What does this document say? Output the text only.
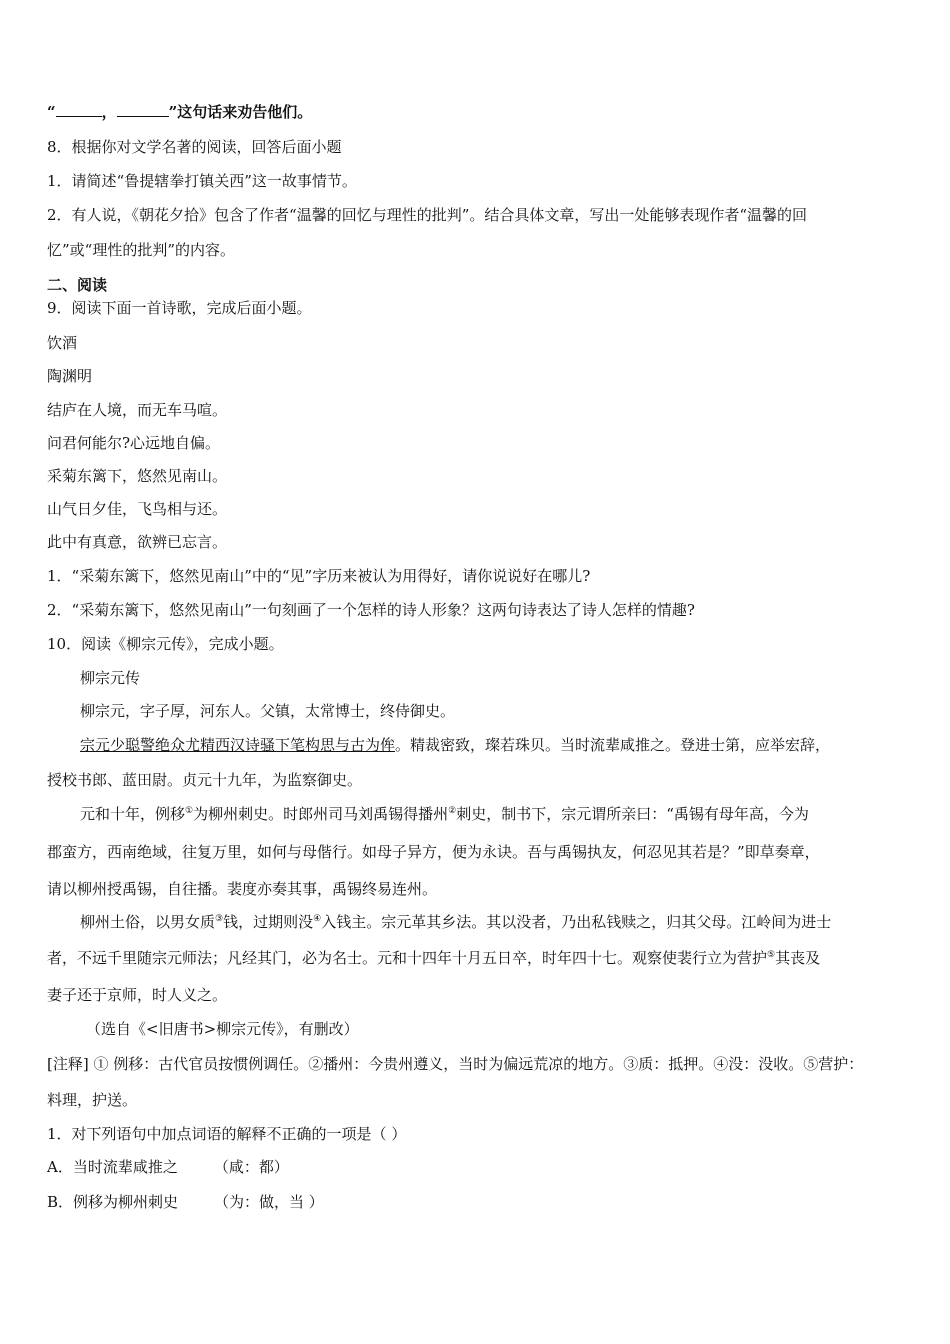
“	，	”这句话来劝告他们。
8．根据你对文学名著的阅读，回答后面小题
1．请简述“鲁提辖拳打镇关西”这一故事情节。
2．有人说，《朝花夕拾》包含了作者“温馨的回忆与理性的批判”。结合具体文章，写出一处能够表现作者“温馨的回
忆”或“理性的批判”的内容。
二、阅读
9．阅读下面一首诗歌，完成后面小题。
饮酒
陶渊明
结庐在人境，而无车马喧。
问君何能尔?心远地自偏。
采菊东篱下，悠然见南山。
山气日夕佳，飞鸟相与还。
此中有真意，欲辨已忘言。
1．“采菊东篱下，悠然见南山”中的“见”字历来被认为用得好，请你说说好在哪儿?
2．“采菊东篱下，悠然见南山”一句刻画了一个怎样的诗人形象？这两句诗表达了诗人怎样的情趣?
10．阅读《柳宗元传》，完成小题。
柳宗元传
柳宗元，字子厚，河东人。父镇，太常博士，终侍御史。
宗元少聪警绝众尤精西汉诗骚下笔构思与古为侔。精裁密致，璨若珠贝。当时流辈咸推之。登进士第，应举宏辞，
授校书郎、蓝田尉。贞元十九年，为监察御史。
元和十年，例移①为柳州刺史。时郎州司马刘禹锡得播州②刺史，制书下，宗元谓所亲曰：“禹锡有母年高，今为
郡蛮方，西南绝域，往复万里，如何与母偕行。如母子异方，便为永诀。吾与禹锡执友，何忍见其若是？”即草奏章，
请以柳州授禹锡，自往播。裴度亦奏其事，禹锡终易连州。
柳州土俗，以男女质③钱，过期则没④入钱主。宗元革其乡法。其以没者，乃出私钱赎之，归其父母。江岭间为进士
者，不远千里随宗元师法；凡经其门，必为名士。元和十四年十月五日卒，时年四十七。观察使裴行立为营护⑤其丧及
妻子还于京师，时人义之。
（选自《<旧唐书>柳宗元传》，有删改）
[注释] ① 例移：古代官员按惯例调任。②播州：今贵州遵义，当时为偏远荒凉的地方。③质：抵押。④没：没收。⑤营护：
料理，护送。
1．对下列语句中加点词语的解释不正确的一项是（ ）
A．当时流辈咸推之 （咸：都）
B．例移为柳州刺史 （为：做，当 ）
